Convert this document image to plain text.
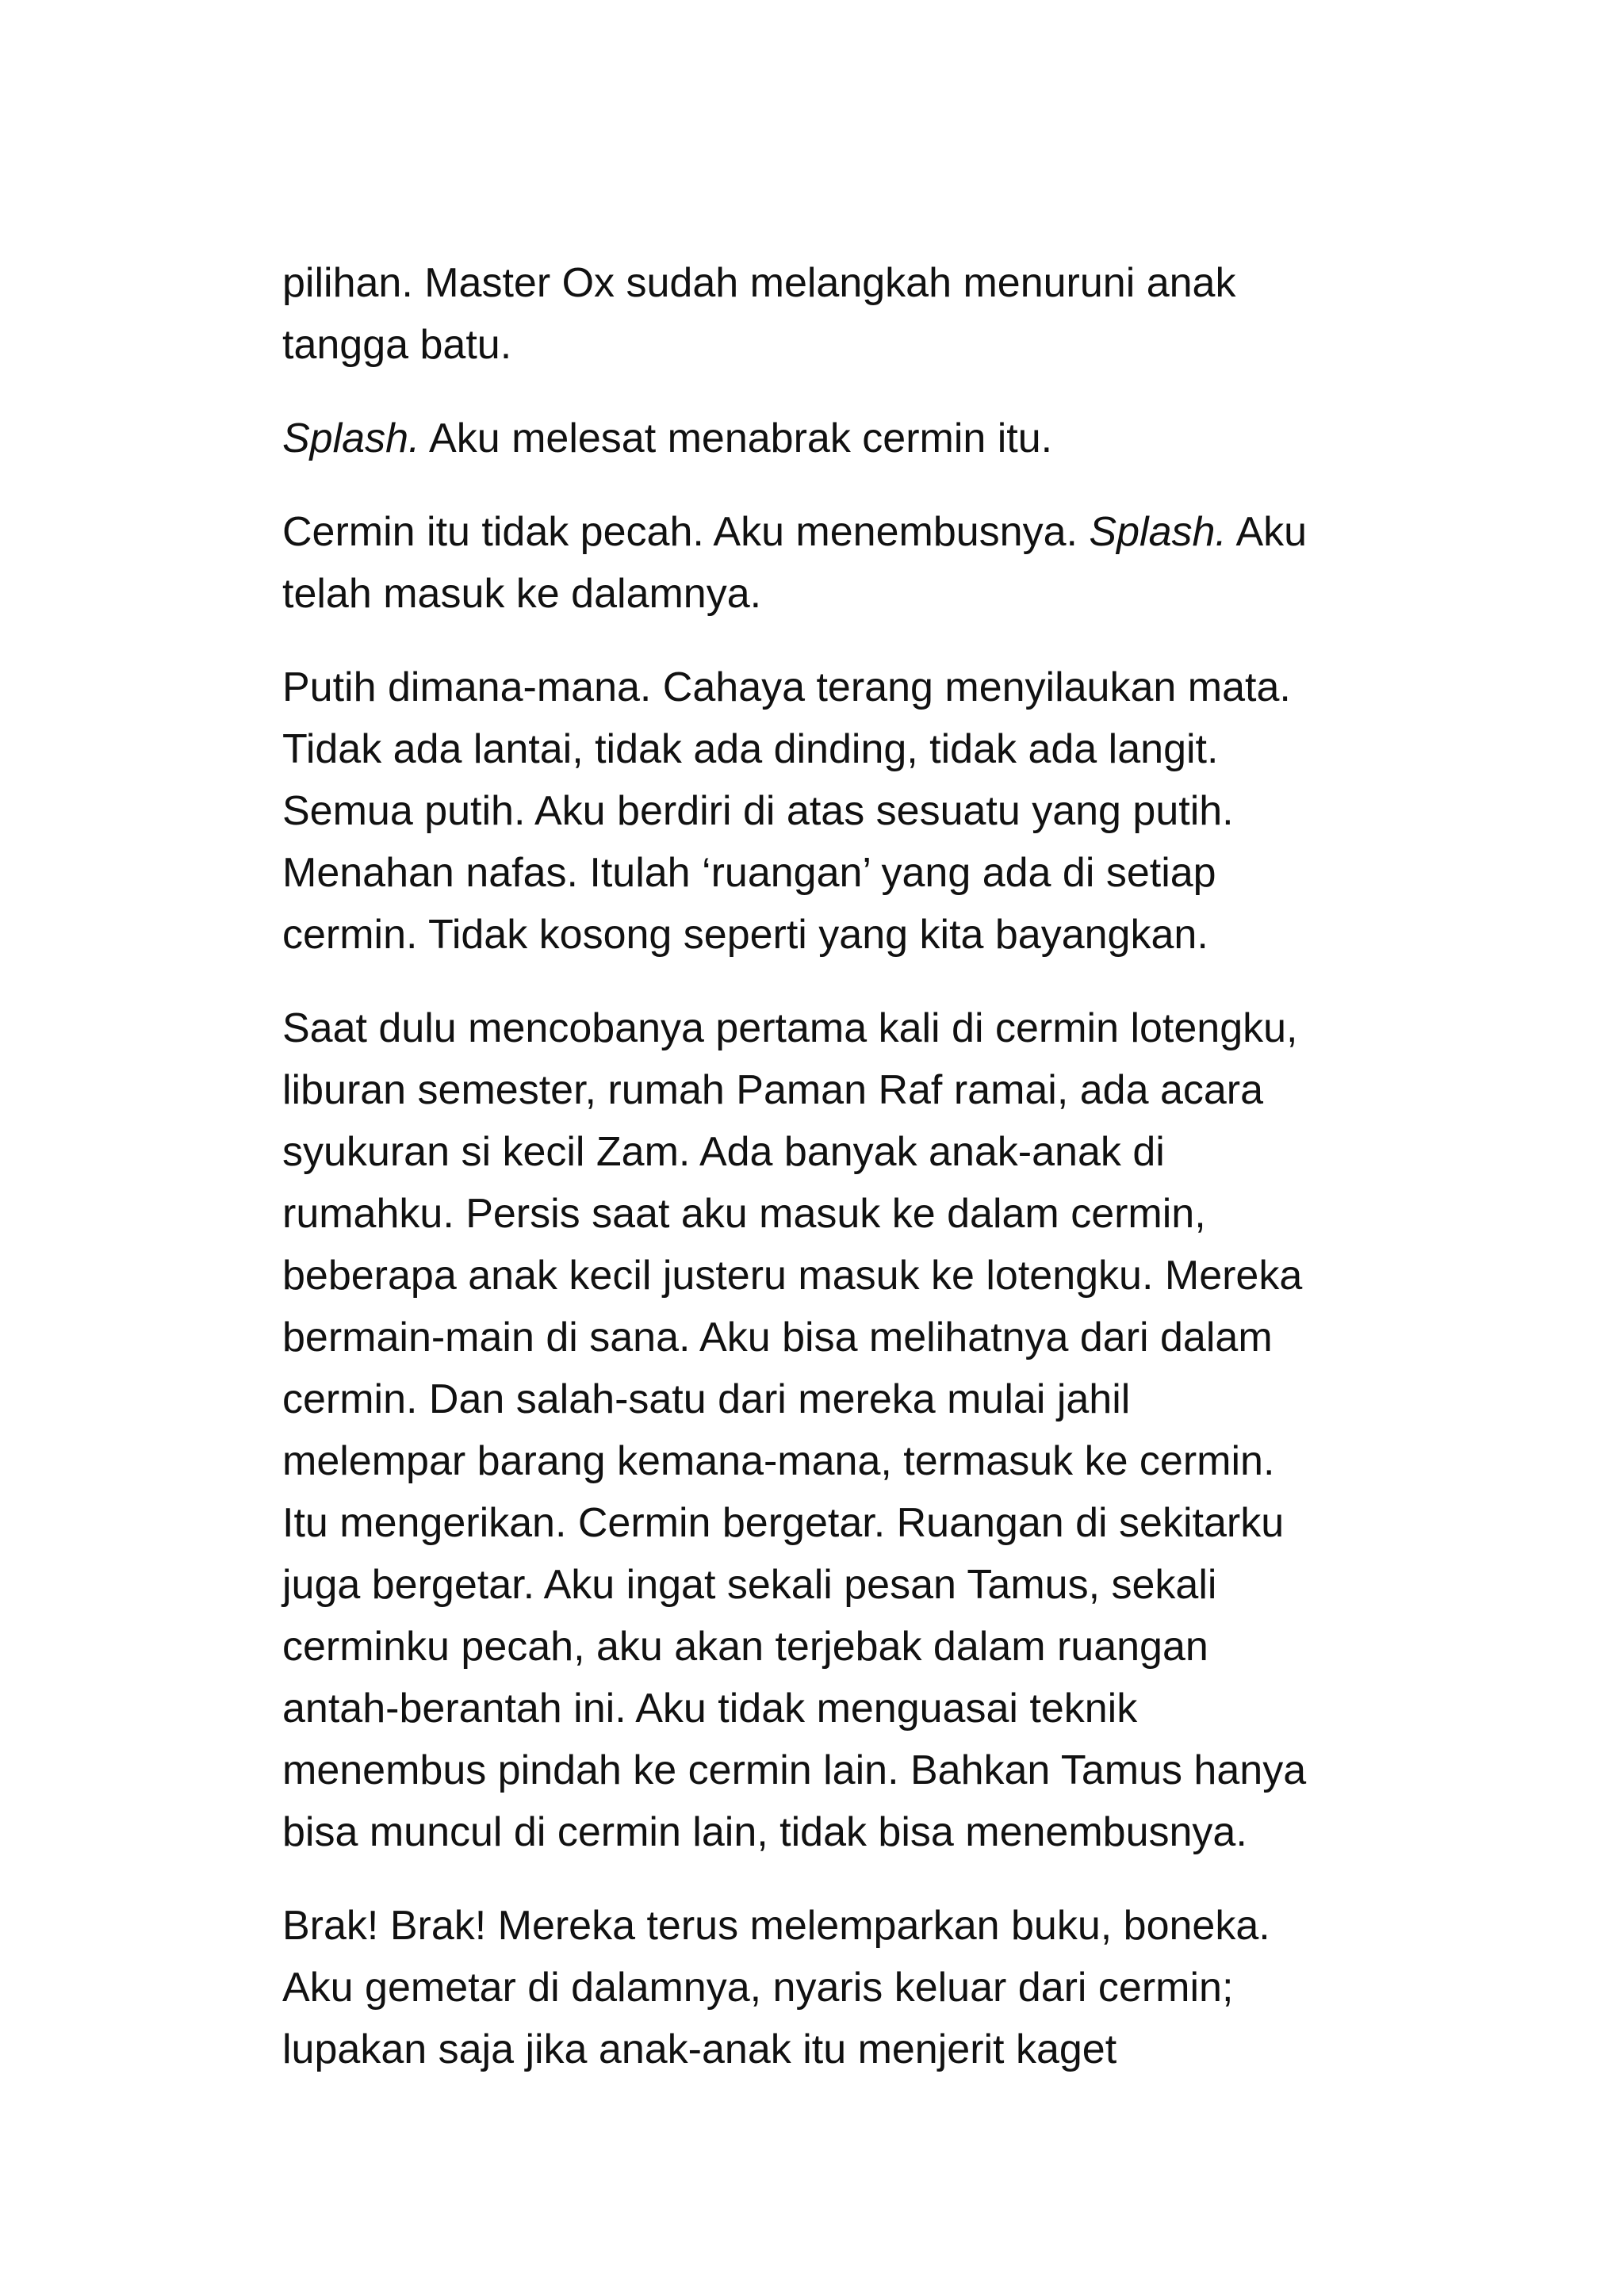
pilihan. Master Ox sudah melangkah menuruni anak
tangga batu.

Splash. Aku melesat menabrak cermin itu.

Cermin itu tidak pecah. Aku menembusnya. Splash. Aku
telah masuk ke dalamnya.

Putih dimana-mana. Cahaya terang menyilaukan mata.
Tidak ada lantai, tidak ada dinding, tidak ada langit.
Semua putih. Aku berdiri di atas sesuatu yang putih.
Menahan nafas. Itulah ‘ruangan’ yang ada di setiap
cermin. Tidak kosong seperti yang kita bayangkan.

Saat dulu mencobanya pertama kali di cermin lotengku,
liburan semester, rumah Paman Raf ramai, ada acara
syukuran si kecil Zam. Ada banyak anak-anak di
rumahku. Persis saat aku masuk ke dalam cermin,
beberapa anak kecil justeru masuk ke lotengku. Mereka
bermain-main di sana. Aku bisa melihatnya dari dalam
cermin. Dan salah-satu dari mereka mulai jahil
melempar barang kemana-mana, termasuk ke cermin.
Itu mengerikan. Cermin bergetar. Ruangan di sekitarku
juga bergetar. Aku ingat sekali pesan Tamus, sekali
cerminku pecah, aku akan terjebak dalam ruangan
antah-berantah ini. Aku tidak menguasai teknik
menembus pindah ke cermin lain. Bahkan Tamus hanya
bisa muncul di cermin lain, tidak bisa menembusnya.

Brak! Brak! Mereka terus melemparkan buku, boneka.
Aku gemetar di dalamnya, nyaris keluar dari cermin;
lupakan saja jika anak-anak itu menjerit kaget
